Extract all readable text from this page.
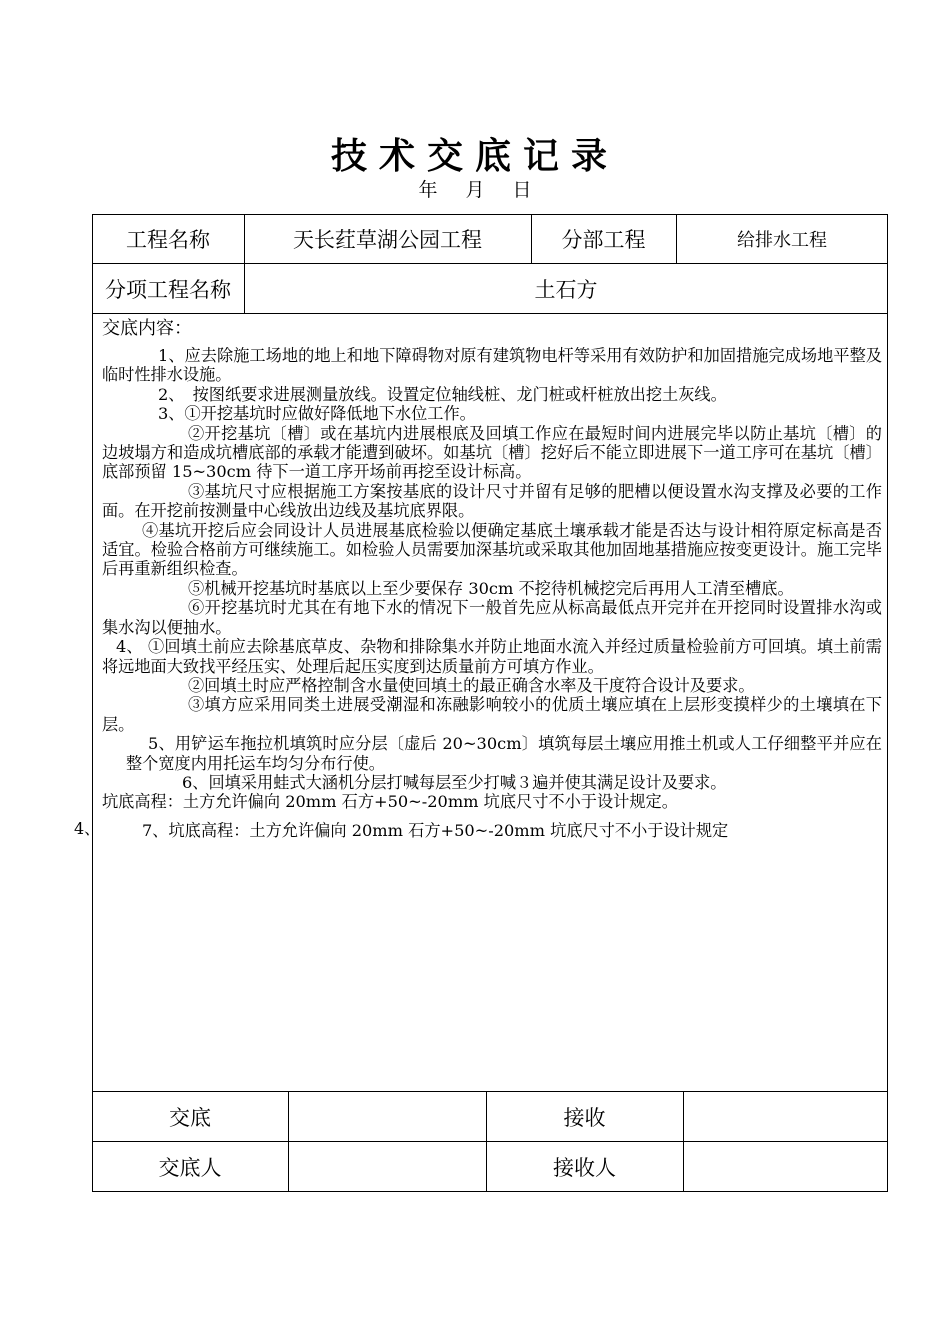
技术交底记录
年 月 日
工程名称	天长荭草湖公园工程	分部工程	给排水工程
分项工程名称	土石方
交底内容：

1、应去除施工场地的地上和地下障碍物对原有建筑物电杆等采用有效防护和加固措施完成场地平整及临时性排水设施。

2、　按图纸要求进展测量放线。设置定位轴线桩、龙门桩或杆桩放出挖土灰线。

3、①开挖基坑时应做好降低地下水位工作。

②开挖基坑〔槽〕或在基坑内进展根底及回填工作应在最短时间内进展完毕以防止基坑〔槽〕的边坡塌方和造成坑槽底部的承载才能遭到破坏。如基坑〔槽〕挖好后不能立即进展下一道工序可在基坑〔槽〕底部预留 15~30cm 待下一道工序开场前再挖至设计标高。

③基坑尺寸应根据施工方案按基底的设计尺寸并留有足够的肥槽以便设置水沟支撑及必要的工作面。在开挖前按测量中心线放出边线及基坑底界限。

④基坑开挖后应会同设计人员进展基底检验以便确定基底土壤承载才能是否达与设计相符原定标高是否适宜。检验合格前方可继续施工。如检验人员需要加深基坑或采取其他加固地基措施应按变更设计。施工完毕后再重新组织检查。

⑤机械开挖基坑时基底以上至少要保存 30cm 不挖待机械挖完后再用人工清至槽底。

⑥开挖基坑时尤其在有地下水的情况下一般首先应从标高最低点开完并在开挖同时设置排水沟或集水沟以便抽水。

4、 ①回填土前应去除基底草皮、杂物和排除集水并防止地面水流入并经过质量检验前方可回填。填土前需将远地面大致找平经压实、处理后起压实度到达质量前方可填方作业。

②回填土时应严格控制含水量使回填土的最正确含水率及干度符合设计及要求。

③填方应采用同类土进展受潮湿和冻融影响较小的优质土壤应填在上层形变摸样少的土壤填在下层。

5、用铲运车拖拉机填筑时应分层〔虚后 20~30cm〕填筑每层土壤应用推土机或人工仔细整平并应在整个宽度内用托运车均匀分布行使。

6、回填采用蛙式大涵机分层打喊每层至少打喊３遍并使其满足设计及要求。

坑底高程：土方允许偏向 20mm 石方+50~-20mm 坑底尺寸不小于设计规定。

7、坑底高程：土方允许偏向 20mm 石方+50~-20mm 坑底尺寸不小于设计规定

4、
交底	接收
交底人	接收人
